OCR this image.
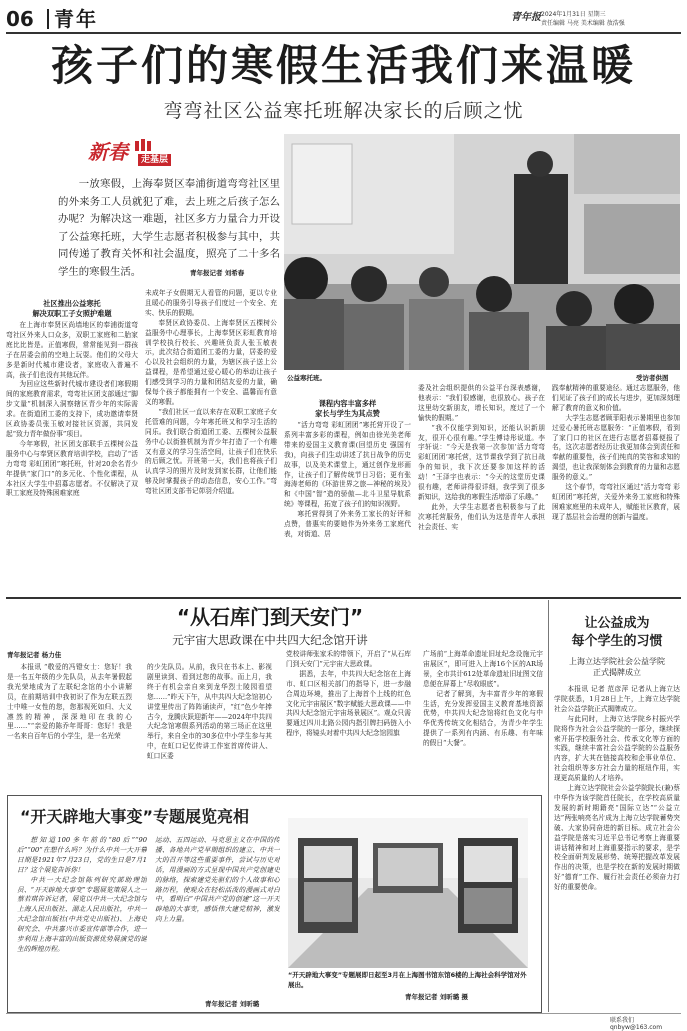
06 青年	青年报 2024年1月31日 星期三
责任编辑 马亮 美术编辑 敖浩强
孩子们的寒假生活我们来温暖
弯弯社区公益寒托班解决家长的后顾之忧
新春	走基层
一放寒假，上海奉贤区奉浦街道弯弯社区里的外来务工人员就犯了难，去上班之后孩子怎么办呢？为解决这一难题，社区多方力量合力开设了公益寒托班，大学生志愿者积极参与其中，共同传递了教育关怀和社会温度，照亮了二十多名学生的寒假生活。	青年报记者 刘希春
公益寒托班。	受访者供图

社区推出公益寒托
解决双职工子女照护难题

在上海市奉贤区尚墙地区的奉浦街道弯弯社区外来人口众多，双职工家庭和二胎家庭比比皆是。正值寒假，常常能见到一群孩子在居委会前的空地上玩耍。他们的父母大多是新时代城市建设者，家庭收入普遍不高，孩子们也没有其他玩伴。

为回应这些新时代城市建设者们寒假期间的家庭教育需求，弯弯社区团支部通过“脚步文量”机制深入洞察辖区青少年的实际需求。在街道团工委的支持下，成功邀请奉贤区政协委员张玉敏对接社区资源，共同发起“致力青年做份事”项目。

今年寒假，社区团支部联手五棵树公益服务中心与奉贤区教育培训学校，启动了“活力弯弯 彩虹团团”寒托班，针对20余名青少年提供“家门口”的多元化、个性化课程，从本社区大学生中招募志愿者。不仅解决了双职工家庭及特殊困难家庭

未成年子女假期无人看管的问题，更以专业且暖心的服务引导孩子们度过一个安全、充实、快乐的假期。

奉贤区政协委员、上海奉贤区五棵树公益服务中心理事长，上海奉贤区彩虹教育培训学校执行校长、兴趣班负责人张玉敏表示，此次结合街道团工委的力量，居委的爱心以及社会组织的力量，为辖区孩子送上公益课程，是希望通过爱心暖心的举动让孩子们感受到学习的力量和团结友爱的力量，确保每个孩子都能拥有一个安全、温馨而有意义的寒假。

“我们社区一直以来存在双职工家庭子女托管难的问题，今年寒托班又和学习生活的同乐。我们联合街道团工委、五棵树公益服务中心以街推机制为青少年打造了一个有趣又有意义的学习生活空间，让孩子们在快乐的后顾之忧。开班第一天，我们也将孩子们认真学习的照片及时发到家长群，让他们能够及时掌握孩子的动态信息，安心工作。”弯弯社区团支部书记茆羽介绍道。

课程内容丰富多样
家长与学生为其点赞

“活力弯弯 彩虹团团”寒托营开设了一系列丰富多彩的课程，例如由徐光美老师带来的爱国主义教育课(回望历史 强国有我)，向孩子们生动讲述了抗日战争的历史故事，以及美术课堂上，通过创作龙形画作，让孩子们了解传统节日习俗；更有张海涛老师的《环游世界之旅—神秘的埃及》和《中国“智”造的骄傲—北斗卫星导航系统》等课程，拓宽了孩子们的知识视野。

寒托营得到了外来务工家长的好评和点赞，普惠实的要她作为外来务工家庭代表，对街道、居

委及社会组织提供的公益平台深表感谢，他表示：“我们很感谢，也很放心。孩子在这里幼交新朋友，增长知识，度过了一个愉快的假期。”

“我不仅能学到知识，还能认识新朋友，很开心很有趣。”学生傅诗彤说道。李宇轩说：“今天是我第一次参加‘活力弯弯 彩虹团团’寒托营，这节课我学到了抗日战争的知识，我下次还要参加这样的活动！”王泽宇也表示：“今天的这堂历史课很有趣，老师讲得很详细，我学到了很多新知识，这给我的寒假生活增添了乐趣。”

此外，大学生志愿者也积极参与了此次寒托营服务，他们认为这是青年人承担社会责任、实

践奉献精神的重要途径。通过志愿服务，他们见证了孩子们的成长与进步，更加深刻理解了教育的意义和价值。

大学生志愿者顾菲阳表示暑期里也参加过爱心暑托班志愿服务：“正值寒假，看到了家门口的社区在进行志愿者招募便报了名，这次志愿者经历让我更加体会到责任和奉献的重要性，孩子们纯真的笑容和求知的渴望，也让我深刻体会到教育的力量和志愿服务的意义。”

这个春节，弯弯社区通过“活力弯弯 彩虹团团”寒托营，关爱外来务工家庭和特殊困难家庭里的未成年人，赋能社区教育，展现了基层社会治理的创新与温度。

“从石库门到天安门”
元宇宙大思政课在中共四大纪念馆开讲
青年报记者 杨力佳

本报讯 “敬爱的冯镫女士：您好！我是一名五年级的少先队员，从去年暑假起我光荣地成为了左联纪念馆的小小讲解员，在前期培训中我初识了作为左联五烈士中唯一女性的您，您那视死如归、大义凛然的精神，深深地印在我的心里……”“亲爱的陈乔年哥哥：您好！我是一名来自百年后的小学生，是一名光荣

的少先队员。从前，我只在书本上、影视剧里读到、看到过您的故事。而上月，我终于有机会亲自来到龙华烈士陵园看望您……”昨天下午，从中共四大纪念馆初心讲堂里传出了阵阵诵读声，“红”色少年捧古今，龙腾庆跃迎新年——2024年中共四大纪念馆寒假系列活动的第三场正在这里举行，来自全市的30多位中小学生参与其中，在虹口记忆传讲工作室首席传讲人、虹口区委

党校讲师张家禾的带领下，开启了“从石库门到天安门”元宇宙大思政课。

据悉，去年，中共四大纪念馆在上海市、虹口区相关部门的指导下，进一步融合周边环境，推出了上海首个上线的红色文化元宇宙展区“数字赋能大思政课——中共四大纪念馆元宇宙场景展区”。观众只需要通过四川北路公园内指引牌扫码链入小程序，将镜头对着中共四大纪念馆园旗

广场前“上海革命遗址旧址纪念设施元宇宙展区”，即可进入上海16个区的AR场景，全市共计612处革命遗址旧址图文信息便在屏幕上“尽收眼底”。

记者了解到，为丰富青少年的寒假生活，充分发挥爱国主义教育基地资源优势，中共四大纪念馆将红色文化与中华优秀传统文化相结合，为青少年学生提供了一系列有内涵、有乐趣、有年味的假日“大餐”。

“开天辟地大事变”专题展览亮相

想知道100多年前的“80后”“90后”“00”在想什么吗？为什么中共一大开幕日期是1921年7月23日，党的生日是7月1日？这个展览告诉你！

中共一大纪念馆陈列研究部助理馆员、“开天辟地大事变”专题展览策展人之一蔡若琪告诉记者，展览以中共一大纪念馆与上海人民出版社、湖北人民出版社，中共一大纪念馆出版社(中共党史出版社)、上海史研究会、中共嘉兴市委宣传部等合作，进一步利用上海丰富的出版资源优势展演党的诞生的辉煌历程。

运动、五四运动、马克思主义在中国的传播、各地共产党早期组织的建立、中共一大的召开等这些重要事件，尝试与历史对话，用漫画的方式呈现中国共产党创建史的脉络，探索建党先驱们的个人故事和心路历程，使观众在轻松活泼的漫画式对白中，看明白“中国共产党的创建”这一开天辟地的大事变，感悟伟大建党精神，激发向上力量。

青年报记者 刘昕璐
“开天辟地大事变”专题展即日起至3月在上海图书馆东馆6楼的上海社会科学馆对外展出。
青年报记者 刘昕璐 摄
让公益成为
每个学生的习惯
上海立达学院社会公益学院
正式揭牌成立

本报讯 记者 范彦萍 记者从上海立达学院获悉，1月28日上午，上海立达学院社会公益学院正式揭牌成立。

与此同时，上海立达学院乡村振兴学院将作为社会公益学院的一部分，继续探索开拓学校服务社会、传承文化等方面的实践，继续丰富社会公益学院的公益服务内容，扩大其在链接高校和企事业单位、社会组织等多方社会力量的枢纽作用，实现更高质量的人才培养。

上海立达学院社会公益学院院长(兼)蔡中华作为该学院首任院长，在学校高质量发展的新时期籍亮“国际立达”“公益立达”两张响亮名片成为上海立达学院蓄势突破、大家协同奋进的新目标。成立社会公益学院是落实习近平总书记考察上海重要讲话精神和对上海重要指示的要求，是学校全面研判发展形势、统筹把握改革发展作出的决策，也是学校在新的发展时期做好“德育”工作、履行社会责任必须奋力打好的重要使命。

联系我们 qnbyw@163.com
